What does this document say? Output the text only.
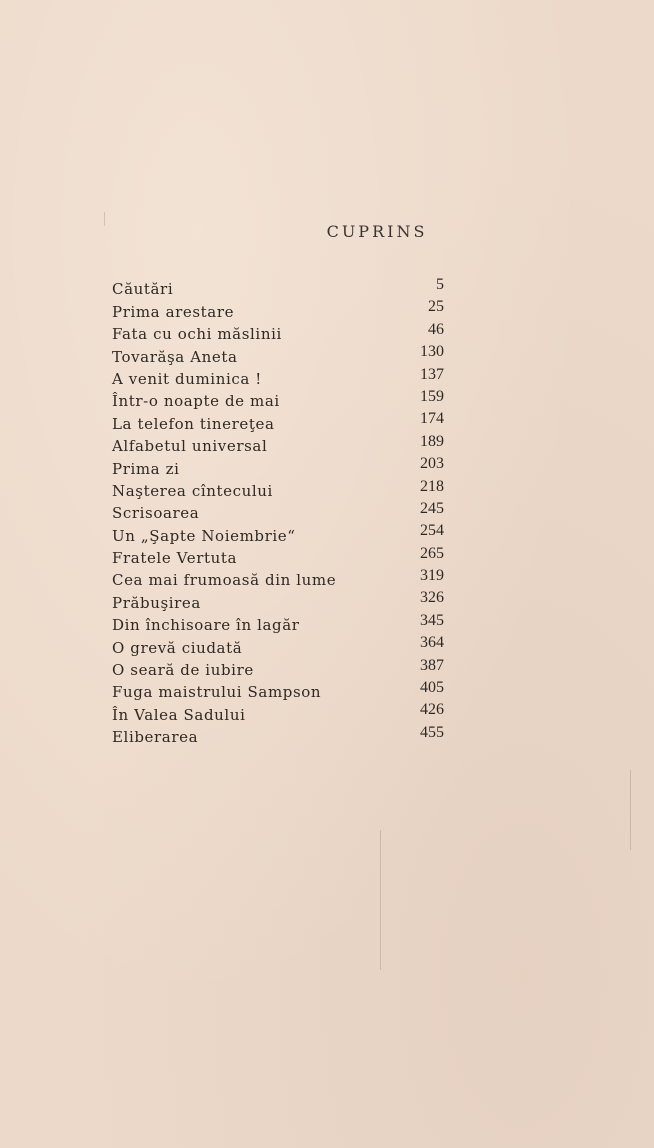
CUPRINS
Căutări	5
Prima arestare	25
Fata cu ochi măslinii	46
Tovarăşa Aneta	130
A venit duminica !	137
Într-o noapte de mai	159
La telefon tinereţea	174
Alfabetul universal	189
Prima zi	203
Naşterea cîntecului	218
Scrisoarea	245
Un „Şapte Noiembrie“	254
Fratele Vertuta	265
Cea mai frumoasă din lume	319
Prăbuşirea	326
Din închisoare în lagăr	345
O grevă ciudată	364
O seară de iubire	387
Fuga maistrului Sampson	405
În Valea Sadului	426
Eliberarea	455
